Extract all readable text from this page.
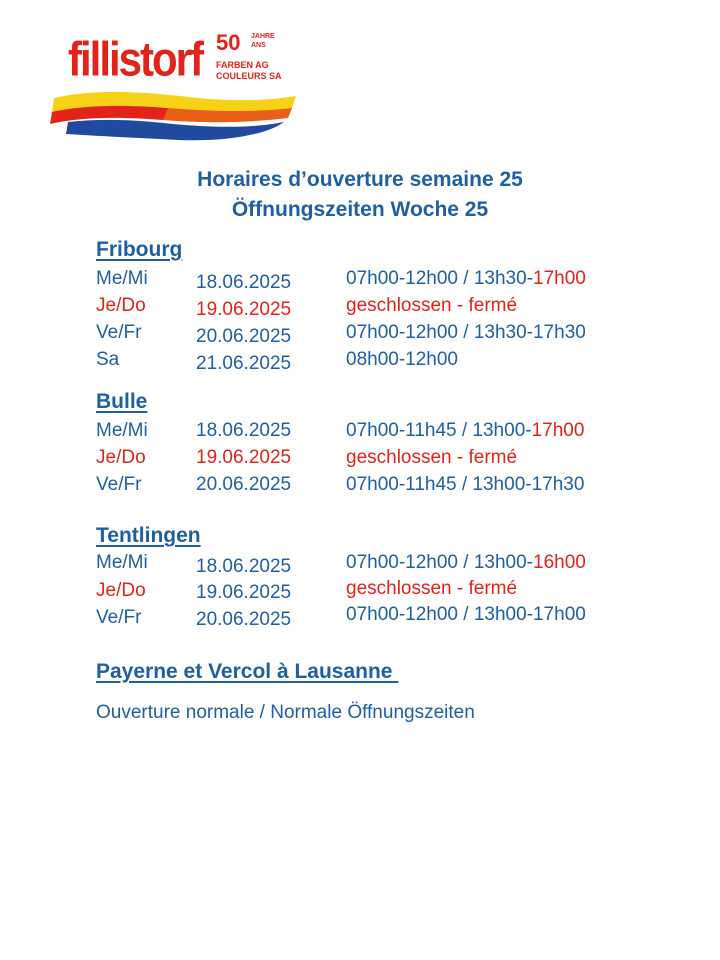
fillistorf 50 JAHRE
ANS
FARBEN AG
COULEURS SA
Horaires d’ouverture semaine 25
Öffnungszeiten Woche 25
Fribourg
Me/Mi	18.06.2025	07h00-12h00 / 13h30-17h00
Je/Do	19.06.2025	geschlossen - fermé
Ve/Fr	20.06.2025	07h00-12h00 / 13h30-17h30
Sa	21.06.2025	08h00-12h00
Bulle
Me/Mi	18.06.2025	07h00-11h45 / 13h00-17h00
Je/Do	19.06.2025	geschlossen - fermé
Ve/Fr	20.06.2025	07h00-11h45 / 13h00-17h30
Tentlingen
Me/Mi	18.06.2025	07h00-12h00 / 13h00-16h00
Je/Do	19.06.2025	geschlossen - fermé
Ve/Fr	20.06.2025	07h00-12h00 / 13h00-17h00
Payerne et Vercol à Lausanne
Ouverture normale / Normale Öffnungszeiten
